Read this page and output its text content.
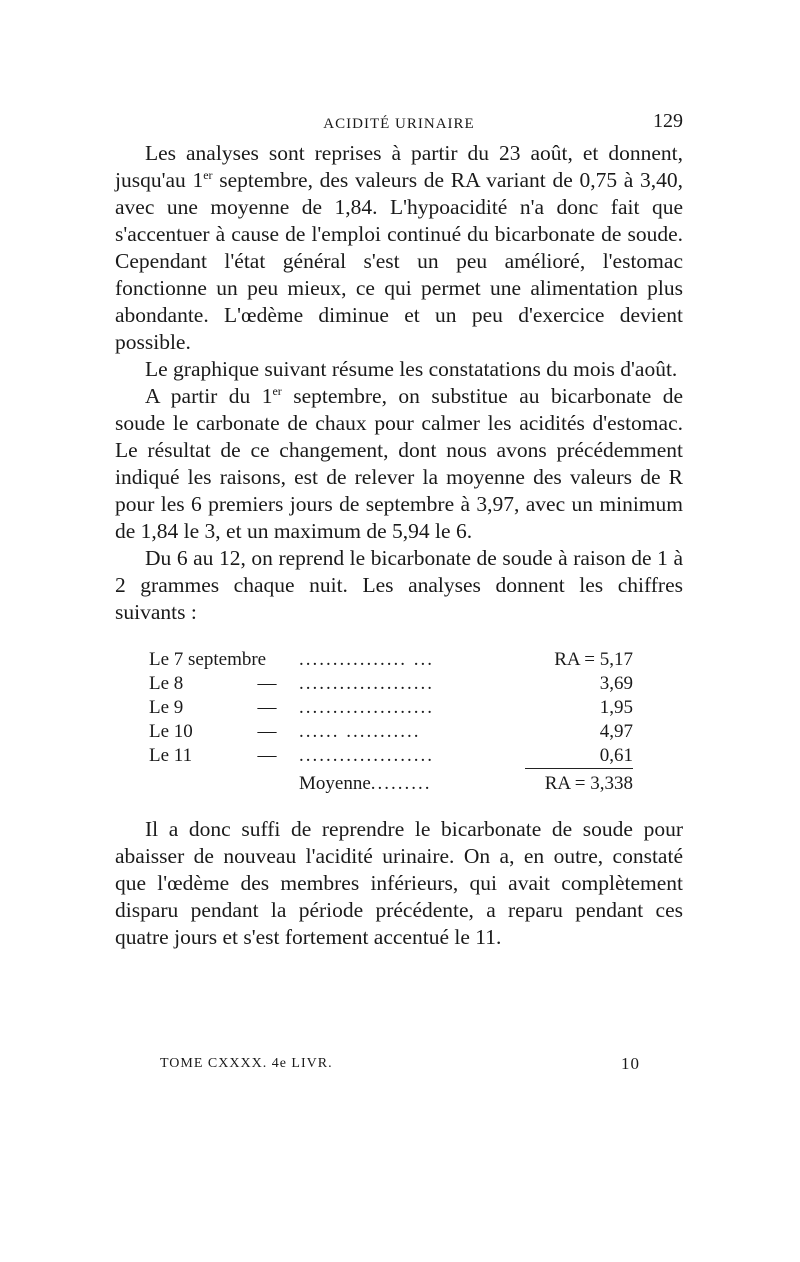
ACIDITÉ URINAIRE	129

Les analyses sont reprises à partir du 23 août, et donnent, jusqu'au 1er septembre, des valeurs de RA variant de 0,75 à 3,40, avec une moyenne de 1,84. L'hypoacidité n'a donc fait que s'accentuer à cause de l'emploi continué du bicarbonate de soude. Cependant l'état général s'est un peu amélioré, l'estomac fonctionne un peu mieux, ce qui permet une alimentation plus abondante. L'œdème diminue et un peu d'exercice devient possible.

Le graphique suivant résume les constatations du mois d'août.

A partir du 1er septembre, on substitue au bicarbonate de soude le carbonate de chaux pour calmer les acidités d'estomac. Le résultat de ce changement, dont nous avons précédemment indiqué les raisons, est de relever la moyenne des valeurs de R pour les 6 premiers jours de septembre à 3,97, avec un minimum de 1,84 le 3, et un maximum de 5,94 le 6.

Du 6 au 12, on reprend le bicarbonate de soude à raison de 1 à 2 grammes chaque nuit. Les analyses donnent les chiffres suivants :

Le 7 septembre	................ ...	RA = 5,17
Le 8	—	....................	3,69
Le 9	—	....................	1,95
Le 10	—	...... ...........	4,97
Le 11	—	....................	0,61
Moyenne .........	RA = 3,338

Il a donc suffi de reprendre le bicarbonate de soude pour abaisser de nouveau l'acidité urinaire. On a, en outre, constaté que l'œdème des membres inférieurs, qui avait complètement disparu pendant la période précédente, a reparu pendant ces quatre jours et s'est fortement accentué le 11.

TOME CXXXX. 4e LIVR.	10
